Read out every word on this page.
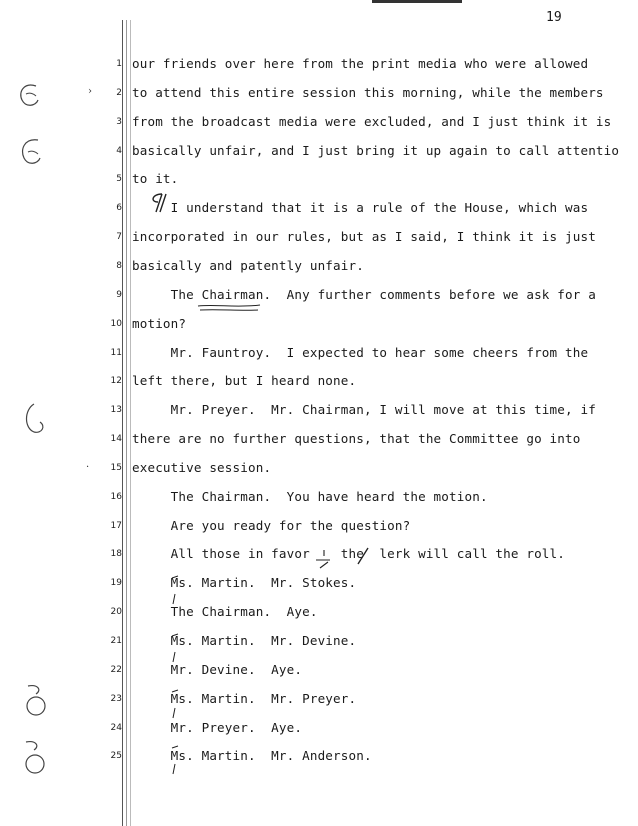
19
1 our friends over here from the print media who were allowed
2 to attend this entire session this morning, while the members
3 from the broadcast media were excluded, and I just think it is
4 basically unfair, and I just bring it up again to call attentio
5 to it.
6 I understand that it is a rule of the House, which was
7 incorporated in our rules, but as I said, I think it is just
8 basically and patently unfair.
9 The Chairman.  Any further comments before we ask for a
10 motion?
11 Mr. Fauntroy.  I expected to hear some cheers from the
12 left there, but I heard none.
13 Mr. Preyer.  Mr. Chairman, I will move at this time, if
14 there are no further questions, that the Committee go into
15 executive session.
16 The Chairman.  You have heard the motion.
17 Are you ready for the question?
18 All those in favor    the  lerk will call the roll.
19 Ms. Martin.  Mr. Stokes.
20 The Chairman.  Aye.
21 Ms. Martin.  Mr. Devine.
22 Mr. Devine.  Aye.
23 Ms. Martin.  Mr. Preyer.
24 Mr. Preyer.  Aye.
25 Ms. Martin.  Mr. Anderson.
›
·
